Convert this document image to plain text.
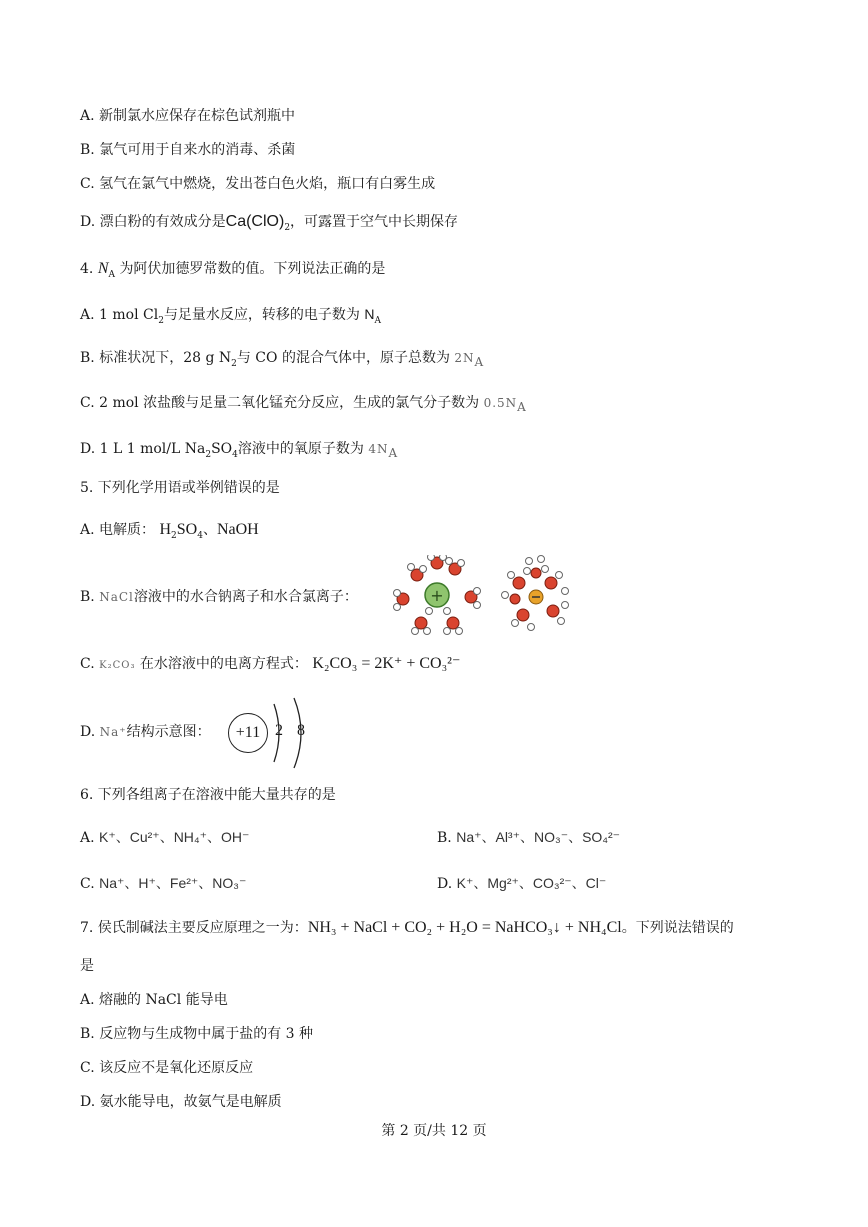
A. 新制氯水应保存在棕色试剂瓶中
B. 氯气可用于自来水的消毒、杀菌
C. 氢气在氯气中燃烧，发出苍白色火焰，瓶口有白雾生成
D. 漂白粉的有效成分是$Ca(ClO)_2$，可露置于空气中长期保存
4. $N_A$ 为阿伏加德罗常数的值。下列说法正确的是
A. 1 mol $Cl_2$与足量水反应，转移的电子数为 $N_A$
B. 标准状况下，28 g $N_2$与 CO 的混合气体中，原子总数为 $2N_A$
C. 2 mol 浓盐酸与足量二氧化锰充分反应，生成的氯气分子数为 $0.5N_A$
D. 1 L 1 mol/L $Na_2SO_4$溶液中的氧原子数为 $4N_A$
5. 下列化学用语或举例错误的是
A. 电解质： $H_2SO_4$、NaOH
B. NaCl溶液中的水合钠离子和水合氯离子：	+
C. K₂CO₃ 在水溶液中的电离方程式： K₂CO₃ = 2K⁺ + CO₃²⁻
D. Na⁺结构示意图：	+11 2 8
6. 下列各组离子在溶液中能大量共存的是
A. K⁺、Cu²⁺、NH₄⁺、OH⁻	B. Na⁺、Al³⁺、NO₃⁻、SO₄²⁻
C. Na⁺、H⁺、Fe²⁺、NO₃⁻	D. K⁺、Mg²⁺、CO₃²⁻、Cl⁻
7. 侯氏制碱法主要反应原理之一为：NH₃ + NaCl + CO₂ + H₂O = NaHCO₃↓ + NH₄Cl。下列说法错误的
是
A. 熔融的 NaCl 能导电
B. 反应物与生成物中属于盐的有 3 种
C. 该反应不是氧化还原反应
D. 氨水能导电，故氨气是电解质
第 2 页/共 12 页
